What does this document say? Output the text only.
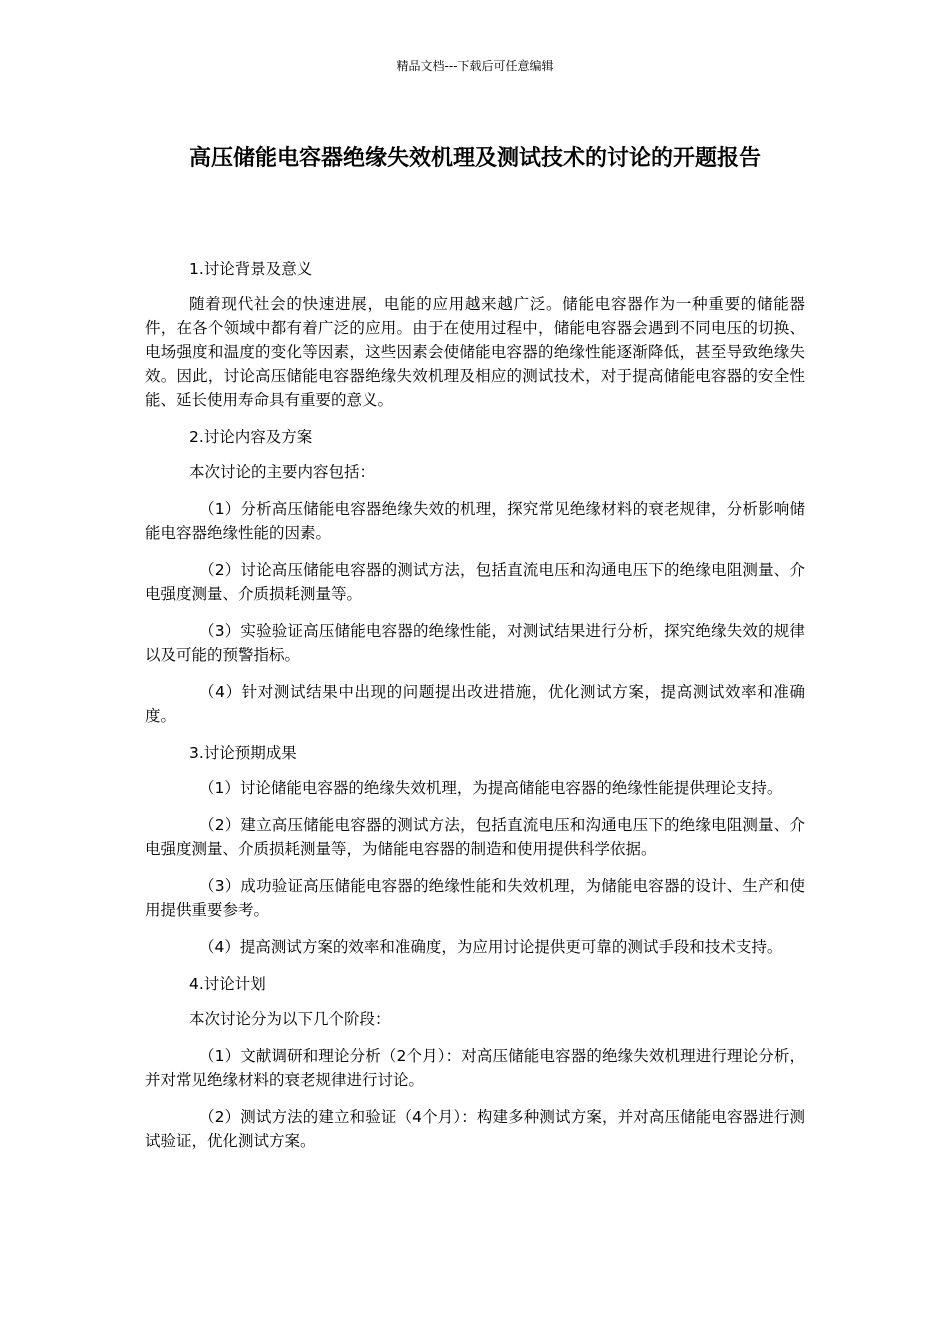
精品文档---下载后可任意编辑
高压储能电容器绝缘失效机理及测试技术的讨论的开题报告

1.讨论背景及意义

随着现代社会的快速进展，电能的应用越来越广泛。储能电容器作为一种重要的储能器件，在各个领域中都有着广泛的应用。由于在使用过程中，储能电容器会遇到不同电压的切换、电场强度和温度的变化等因素，这些因素会使储能电容器的绝缘性能逐渐降低，甚至导致绝缘失效。因此，讨论高压储能电容器绝缘失效机理及相应的测试技术，对于提高储能电容器的安全性能、延长使用寿命具有重要的意义。

2.讨论内容及方案

本次讨论的主要内容包括：

（1）分析高压储能电容器绝缘失效的机理，探究常见绝缘材料的衰老规律，分析影响储能电容器绝缘性能的因素。

（2）讨论高压储能电容器的测试方法，包括直流电压和沟通电压下的绝缘电阻测量、介电强度测量、介质损耗测量等。

（3）实验验证高压储能电容器的绝缘性能，对测试结果进行分析，探究绝缘失效的规律以及可能的预警指标。

（4）针对测试结果中出现的问题提出改进措施，优化测试方案，提高测试效率和准确度。

3.讨论预期成果

（1）讨论储能电容器的绝缘失效机理，为提高储能电容器的绝缘性能提供理论支持。

（2）建立高压储能电容器的测试方法，包括直流电压和沟通电压下的绝缘电阻测量、介电强度测量、介质损耗测量等，为储能电容器的制造和使用提供科学依据。

（3）成功验证高压储能电容器的绝缘性能和失效机理，为储能电容器的设计、生产和使用提供重要参考。

（4）提高测试方案的效率和准确度，为应用讨论提供更可靠的测试手段和技术支持。

4.讨论计划

本次讨论分为以下几个阶段：

（1）文献调研和理论分析（2个月）：对高压储能电容器的绝缘失效机理进行理论分析，并对常见绝缘材料的衰老规律进行讨论。

（2）测试方法的建立和验证（4个月）：构建多种测试方案，并对高压储能电容器进行测试验证，优化测试方案。
